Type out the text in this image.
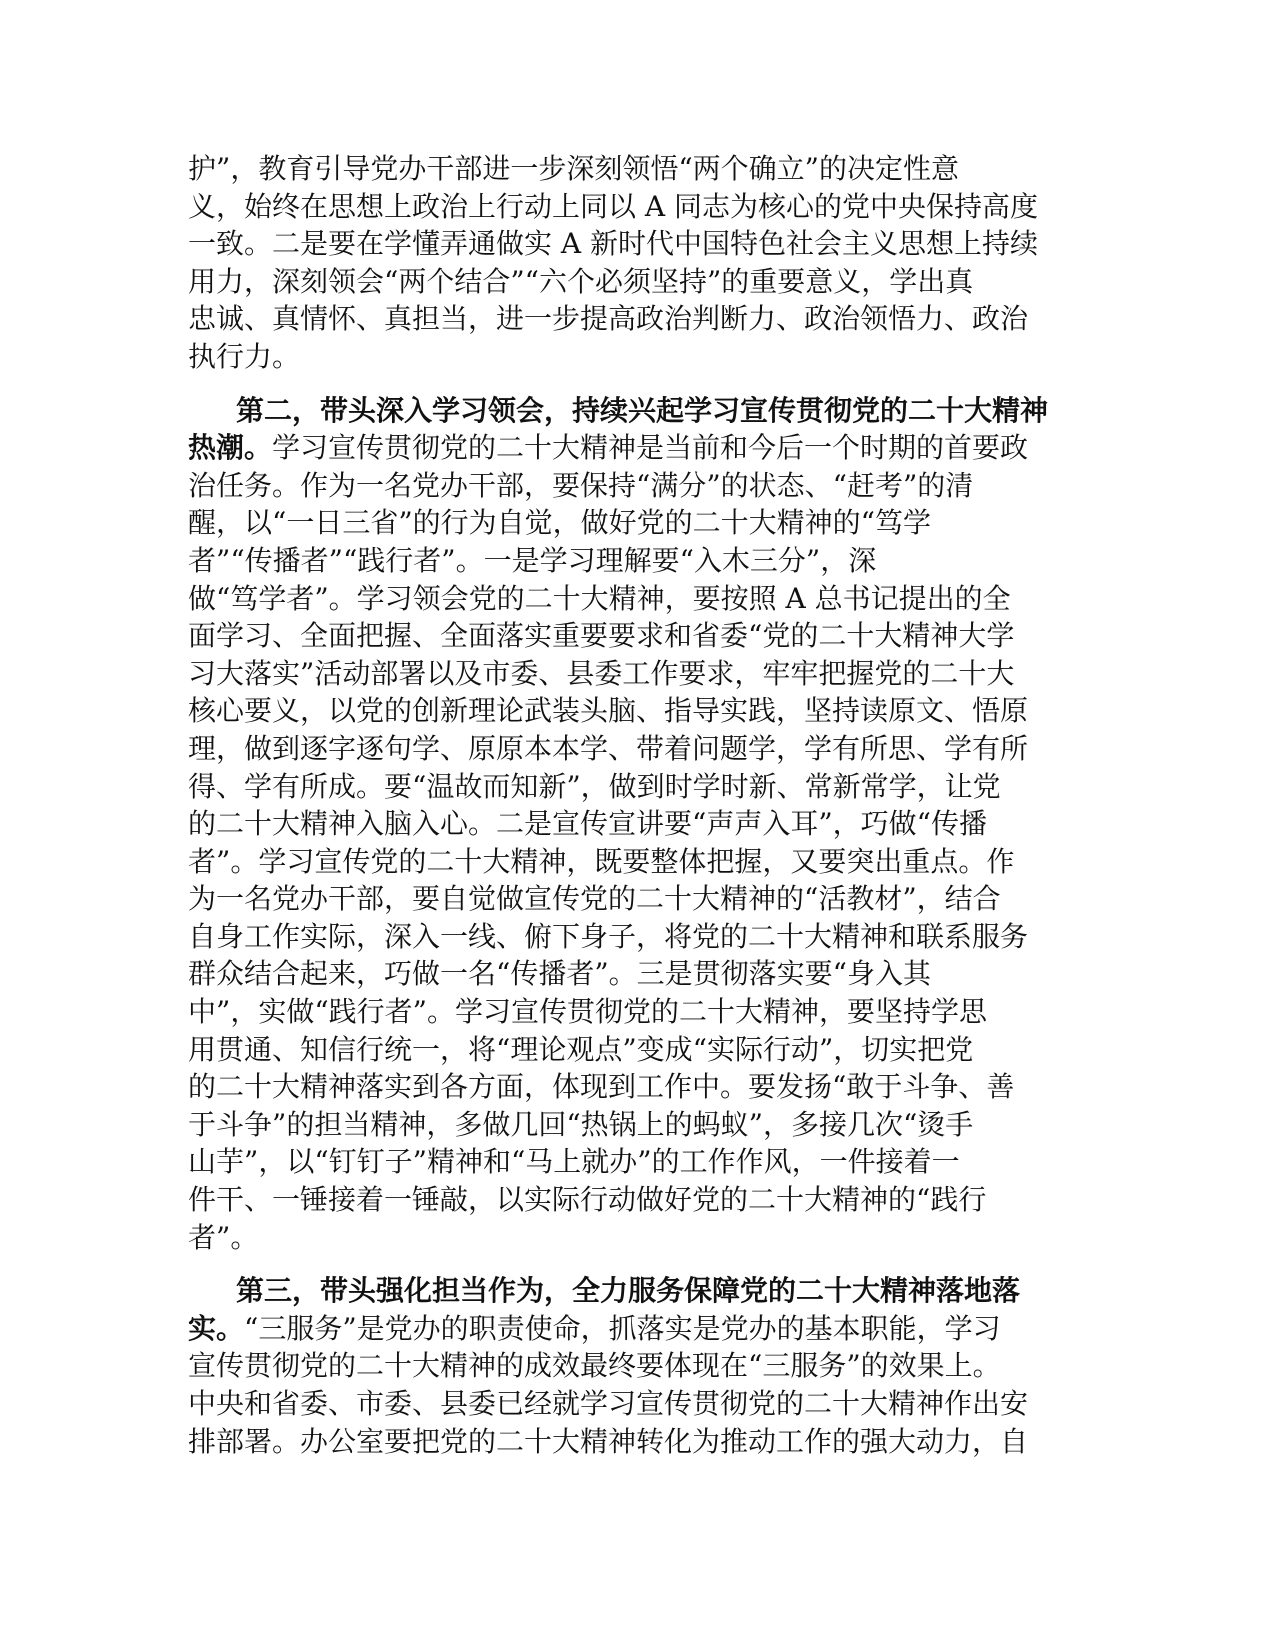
护”，教育引导党办干部进一步深刻领悟“两个确立”的决定性意
义，始终在思想上政治上行动上同以 A 同志为核心的党中央保持高度
一致。二是要在学懂弄通做实 A 新时代中国特色社会主义思想上持续
用力，深刻领会“两个结合”“六个必须坚持”的重要意义，学出真
忠诚、真情怀、真担当，进一步提高政治判断力、政治领悟力、政治
执行力。
第二，带头深入学习领会，持续兴起学习宣传贯彻党的二十大精神
热潮。学习宣传贯彻党的二十大精神是当前和今后一个时期的首要政
治任务。作为一名党办干部，要保持“满分”的状态、“赶考”的清
醒，以“一日三省”的行为自觉，做好党的二十大精神的“笃学
者”“传播者”“践行者”。一是学习理解要“入木三分”，深
做“笃学者”。学习领会党的二十大精神，要按照 A 总书记提出的全
面学习、全面把握、全面落实重要要求和省委“党的二十大精神大学
习大落实”活动部署以及市委、县委工作要求，牢牢把握党的二十大
核心要义，以党的创新理论武装头脑、指导实践，坚持读原文、悟原
理，做到逐字逐句学、原原本本学、带着问题学，学有所思、学有所
得、学有所成。要“温故而知新”，做到时学时新、常新常学，让党
的二十大精神入脑入心。二是宣传宣讲要“声声入耳”，巧做“传播
者”。学习宣传党的二十大精神，既要整体把握，又要突出重点。作
为一名党办干部，要自觉做宣传党的二十大精神的“活教材”，结合
自身工作实际，深入一线、俯下身子，将党的二十大精神和联系服务
群众结合起来，巧做一名“传播者”。三是贯彻落实要“身入其
中”，实做“践行者”。学习宣传贯彻党的二十大精神，要坚持学思
用贯通、知信行统一，将“理论观点”变成“实际行动”，切实把党
的二十大精神落实到各方面，体现到工作中。要发扬“敢于斗争、善
于斗争”的担当精神，多做几回“热锅上的蚂蚁”，多接几次“烫手
山芋”，以“钉钉子”精神和“马上就办”的工作作风，一件接着一
件干、一锤接着一锤敲，以实际行动做好党的二十大精神的“践行
者”。
第三，带头强化担当作为，全力服务保障党的二十大精神落地落
实。“三服务”是党办的职责使命，抓落实是党办的基本职能，学习
宣传贯彻党的二十大精神的成效最终要体现在“三服务”的效果上。
中央和省委、市委、县委已经就学习宣传贯彻党的二十大精神作出安
排部署。办公室要把党的二十大精神转化为推动工作的强大动力，自
